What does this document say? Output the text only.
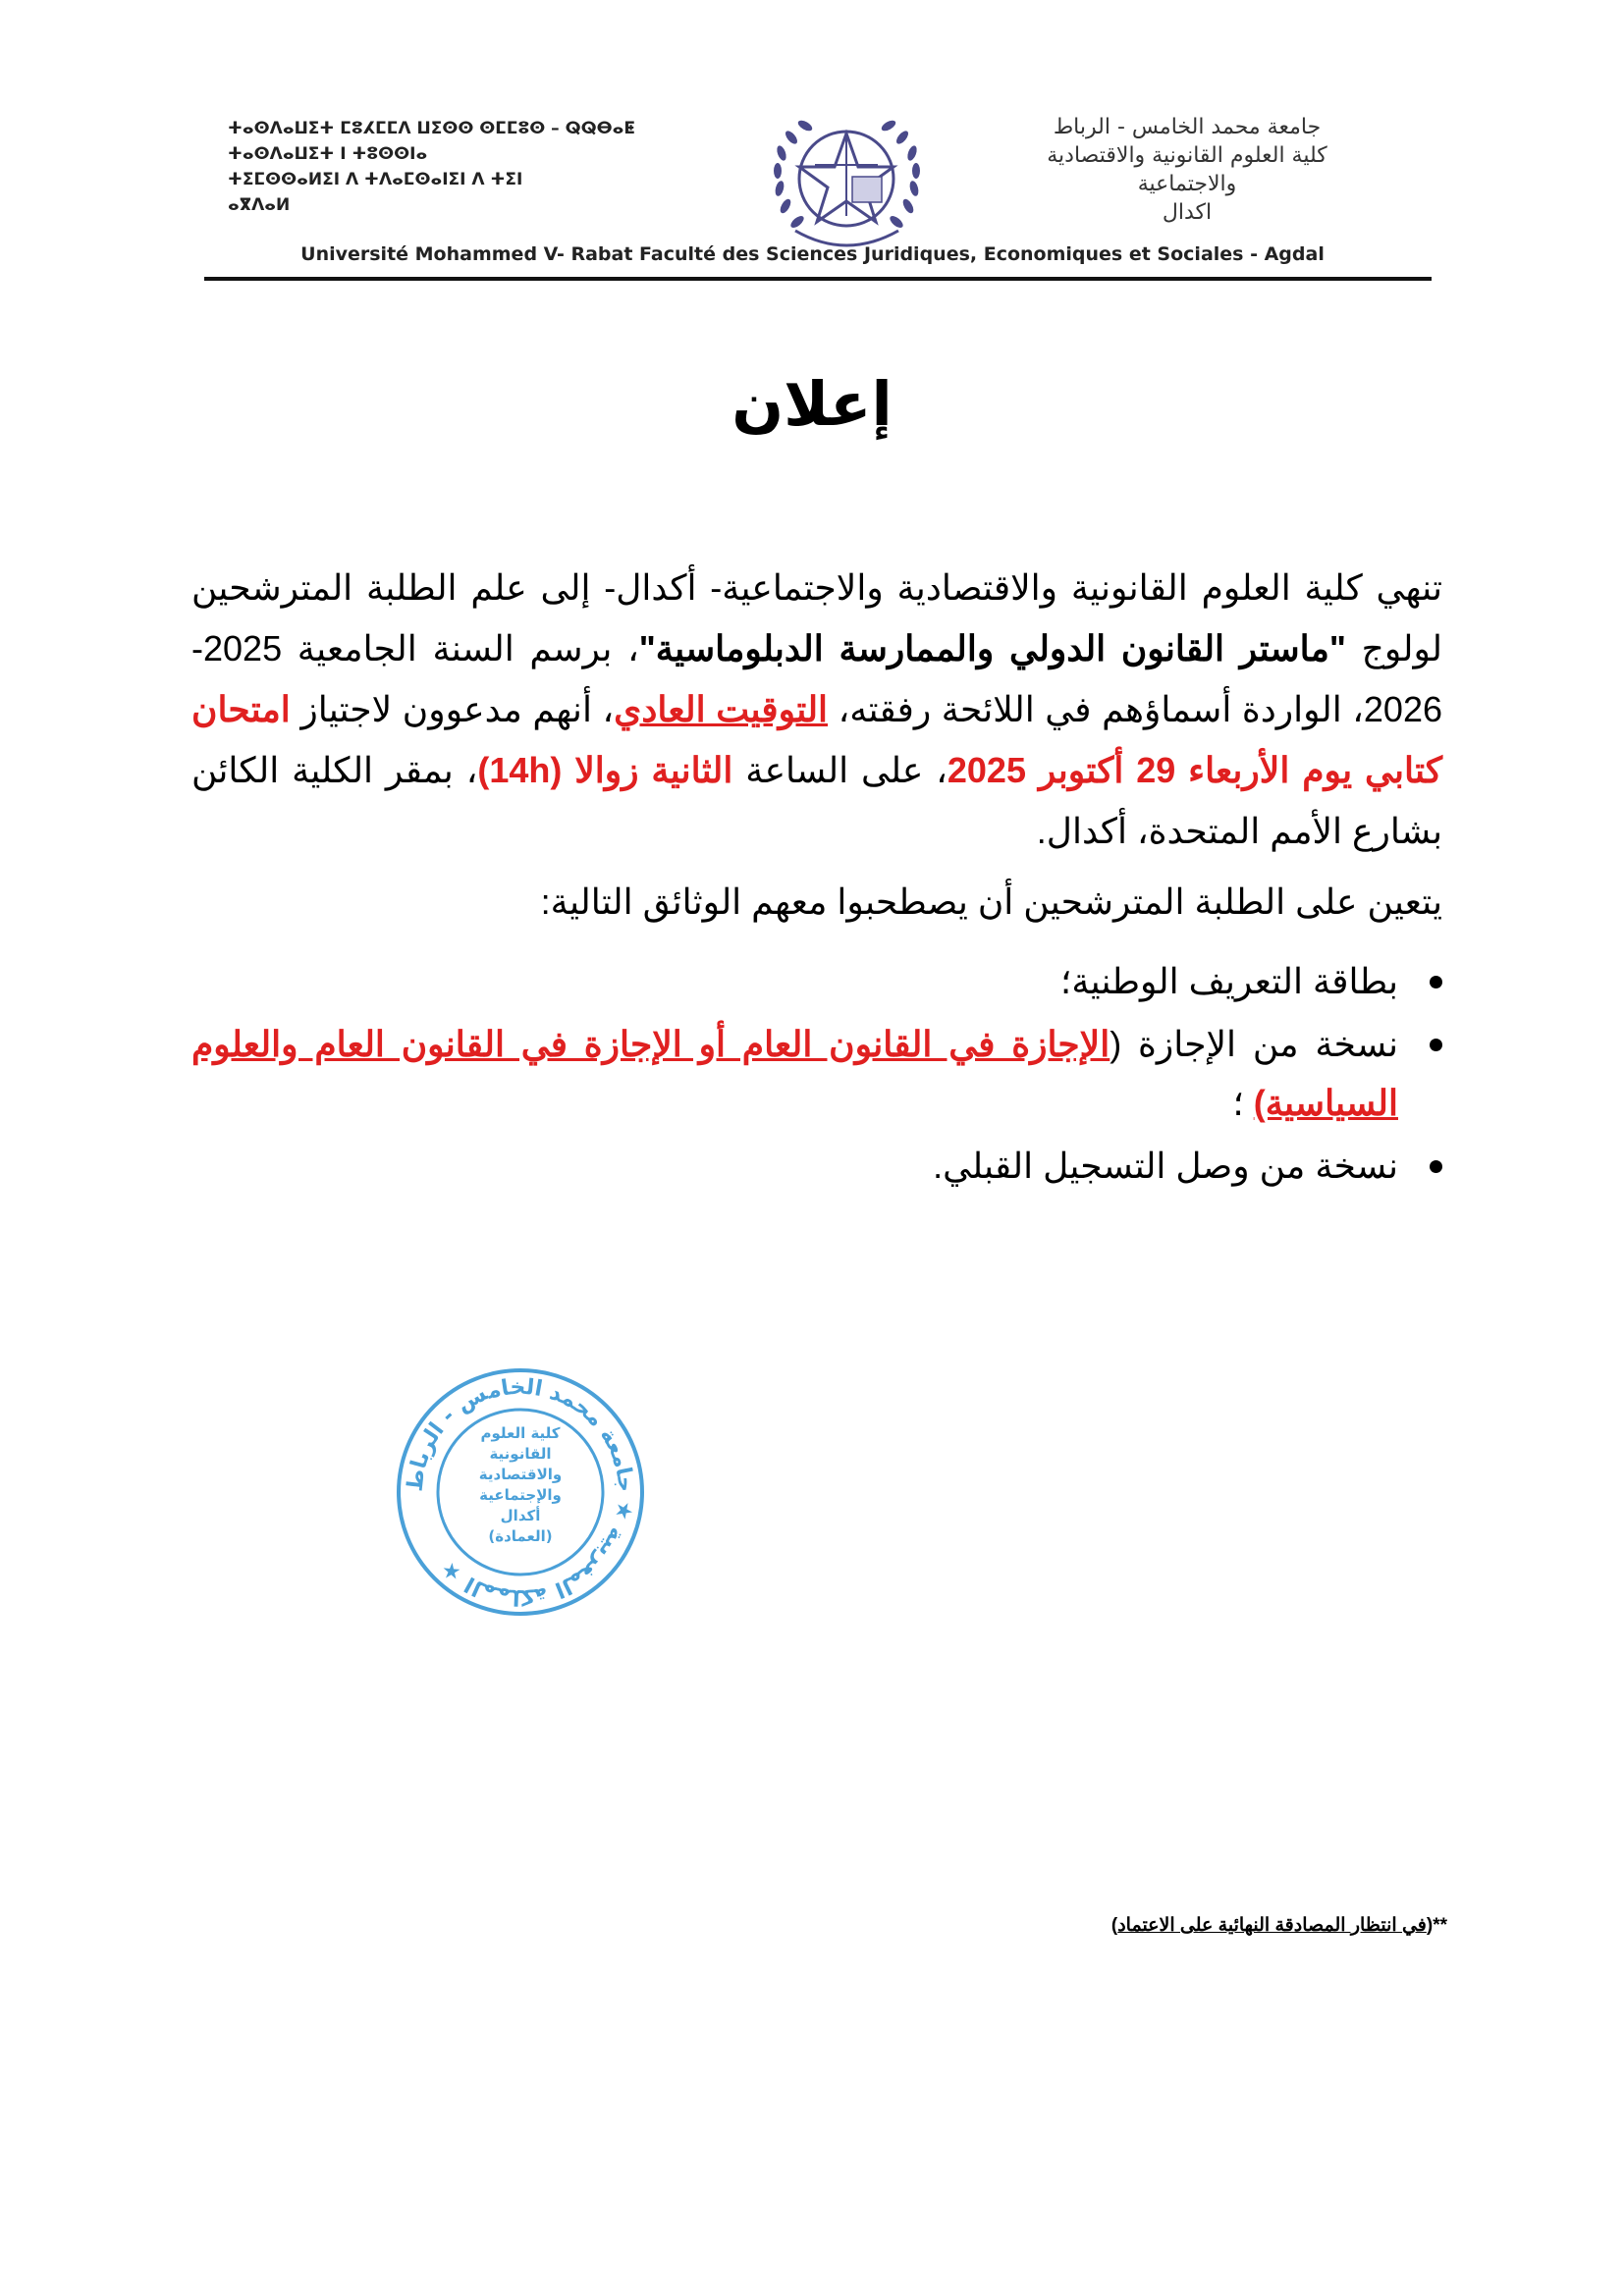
ⵜⴰⵙⴷⴰⵡⵉⵜ ⵎⵓⵃⵎⵎⴷ ⵡⵉⵙⵙ ⵙⵎⵎⵓⵙ – ⵕⵕⴱⴰⵟ
ⵜⴰⵙⴷⴰⵡⵉⵜ ⵏ ⵜⵓⵙⵙⵏⴰ
ⵜⵉⵎⵙⵙⴰⵍⵉⵏ ⴷ ⵜⴷⴰⵎⵙⴰⵏⵉⵏ ⴷ ⵜⵉⵏ
ⴰⴳⴷⴰⵍ
جامعة محمد الخامس - الرباط
كلية العلوم القانونية والاقتصادية
والاجتماعية
اكدال
Université Mohammed V- Rabat Faculté des Sciences Juridiques, Economiques et Sociales - Agdal
إعلان

تنهي كلية العلوم القانونية والاقتصادية والاجتماعية- أكدال- إلى علم الطلبة المترشحين لولوج "ماستر القانون الدولي والممارسة الدبلوماسية"، برسم السنة الجامعية 2025-2026، الواردة أسماؤهم في اللائحة رفقته، التوقيت العادي، أنهم مدعوون لاجتياز امتحان كتابي يوم الأربعاء 29 أكتوبر 2025، على الساعة الثانية زوالا (14h)، بمقر الكلية الكائن بشارع الأمم المتحدة، أكدال.

يتعين على الطلبة المترشحين أن يصطحبوا معهم الوثائق التالية:

بطاقة التعريف الوطنية؛
نسخة من الإجازة (الإجازة في القانون العام أو الإجازة في القانون العام والعلوم السياسية) ؛
نسخة من وصل التسجيل القبلي.
المملكة المغربية ★ جامعة محمد الخامس - الرباط ★
كلية العلوم
القانونية
والاقتصادية
والإجتماعية
أكدال
(العمادة)
**(في انتظار المصادقة النهائية على الاعتماد)
